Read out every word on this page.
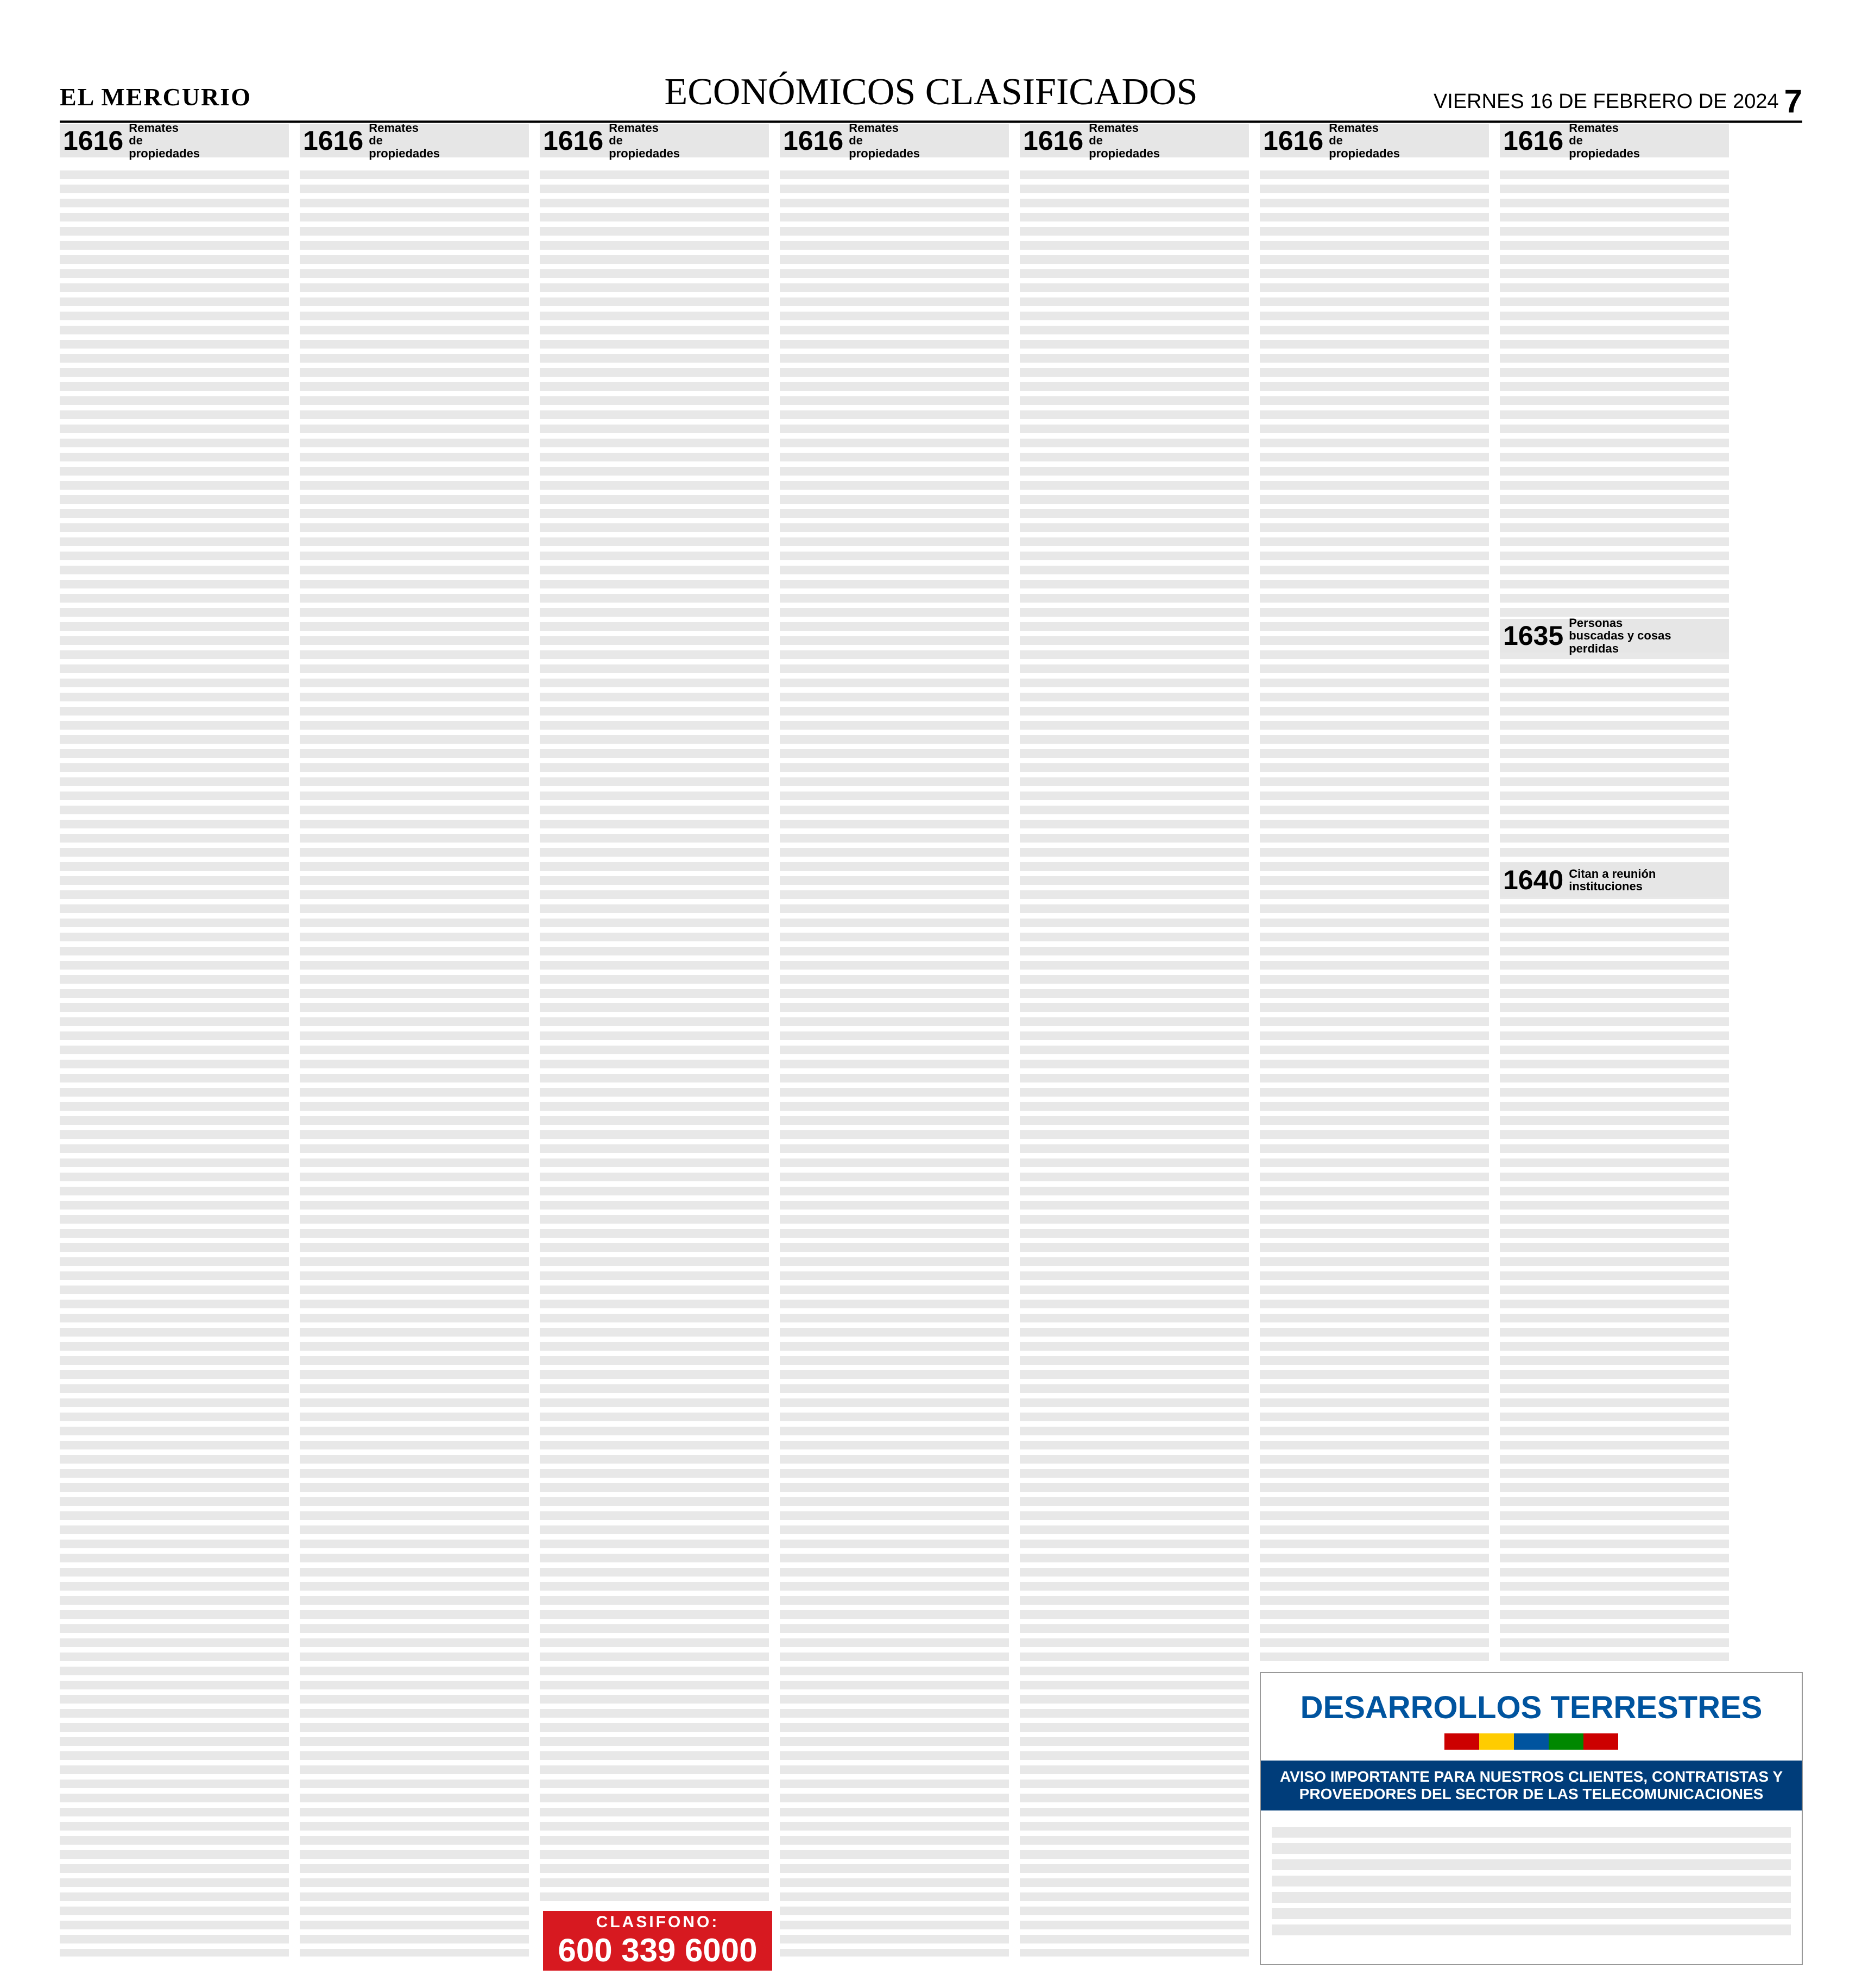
EL MERCURIO	ECONÓMICOS CLASIFICADOS	VIERNES 16 DE FEBRERO DE 2024 7
1616 Remates de propiedades	1616 Remates de propiedades	1616 Remates de propiedades	1616 Remates de propiedades	1616 Remates de propiedades	1616 Remates de propiedades	1616 Remates de propiedades
1635 Personas buscadas y cosas perdidas
1640 Citan a reunión instituciones
CLASIFONO:
600 339 6000
DESARROLLOS TERRESTRES
AVISO IMPORTANTE PARA NUESTROS CLIENTES, CONTRATISTAS Y PROVEEDORES DEL SECTOR DE LAS TELECOMUNICACIONES
